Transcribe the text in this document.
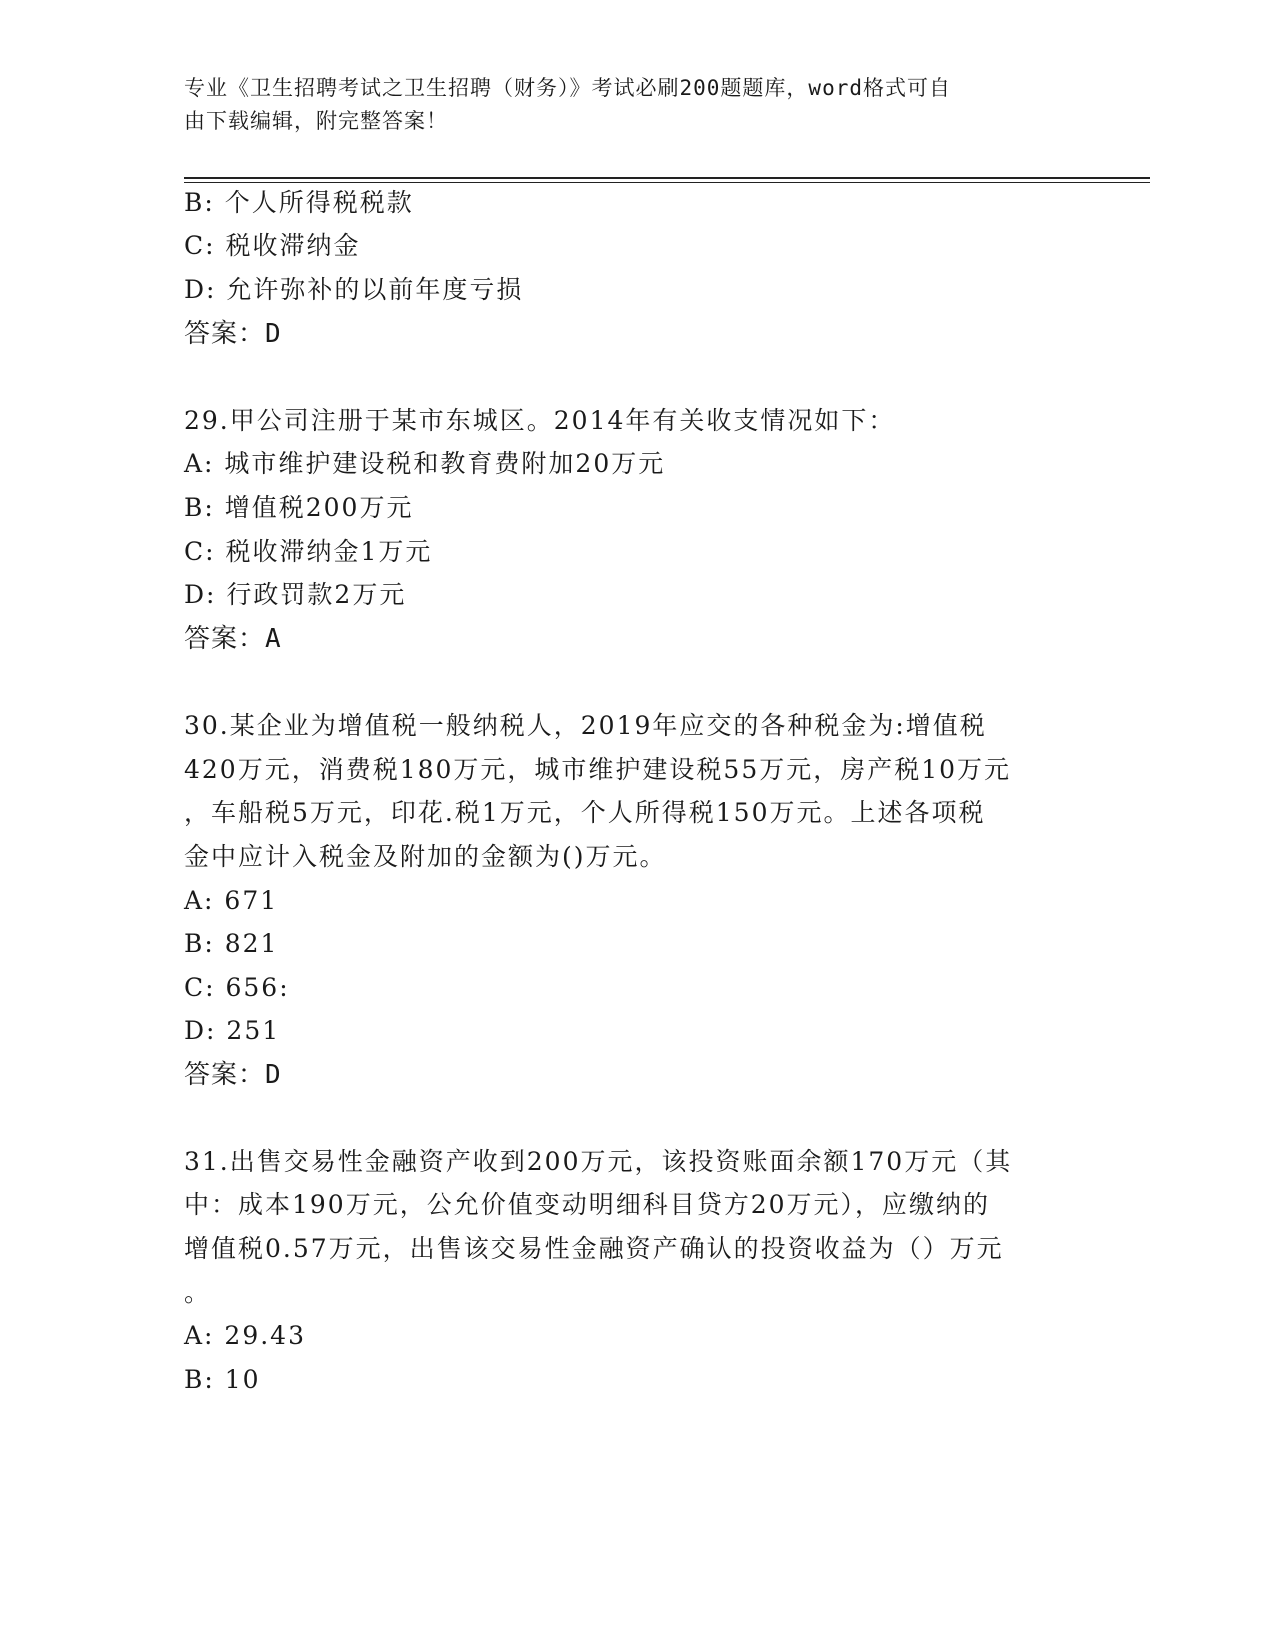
专业《卫生招聘考试之卫生招聘（财务）》考试必刷200题题库，word格式可自
由下载编辑，附完整答案！
B: 个人所得税税款
C: 税收滞纳金
D: 允许弥补的以前年度亏损
答案：D
29.甲公司注册于某市东城区。2014年有关收支情况如下：
A: 城市维护建设税和教育费附加20万元
B: 增值税200万元
C: 税收滞纳金1万元
D: 行政罚款2万元
答案：A
30.某企业为增值税一般纳税人，2019年应交的各种税金为:增值税
420万元，消费税180万元，城市维护建设税55万元，房产税10万元
，车船税5万元，印花.税1万元，个人所得税150万元。上述各项税
金中应计入税金及附加的金额为()万元。
A: 671
B: 821
C: 656:
D: 251
答案：D
31.出售交易性金融资产收到200万元，该投资账面余额170万元（其
中：成本190万元，公允价值变动明细科目贷方20万元），应缴纳的
增值税0.57万元，出售该交易性金融资产确认的投资收益为（）万元
。
A: 29.43
B: 10
